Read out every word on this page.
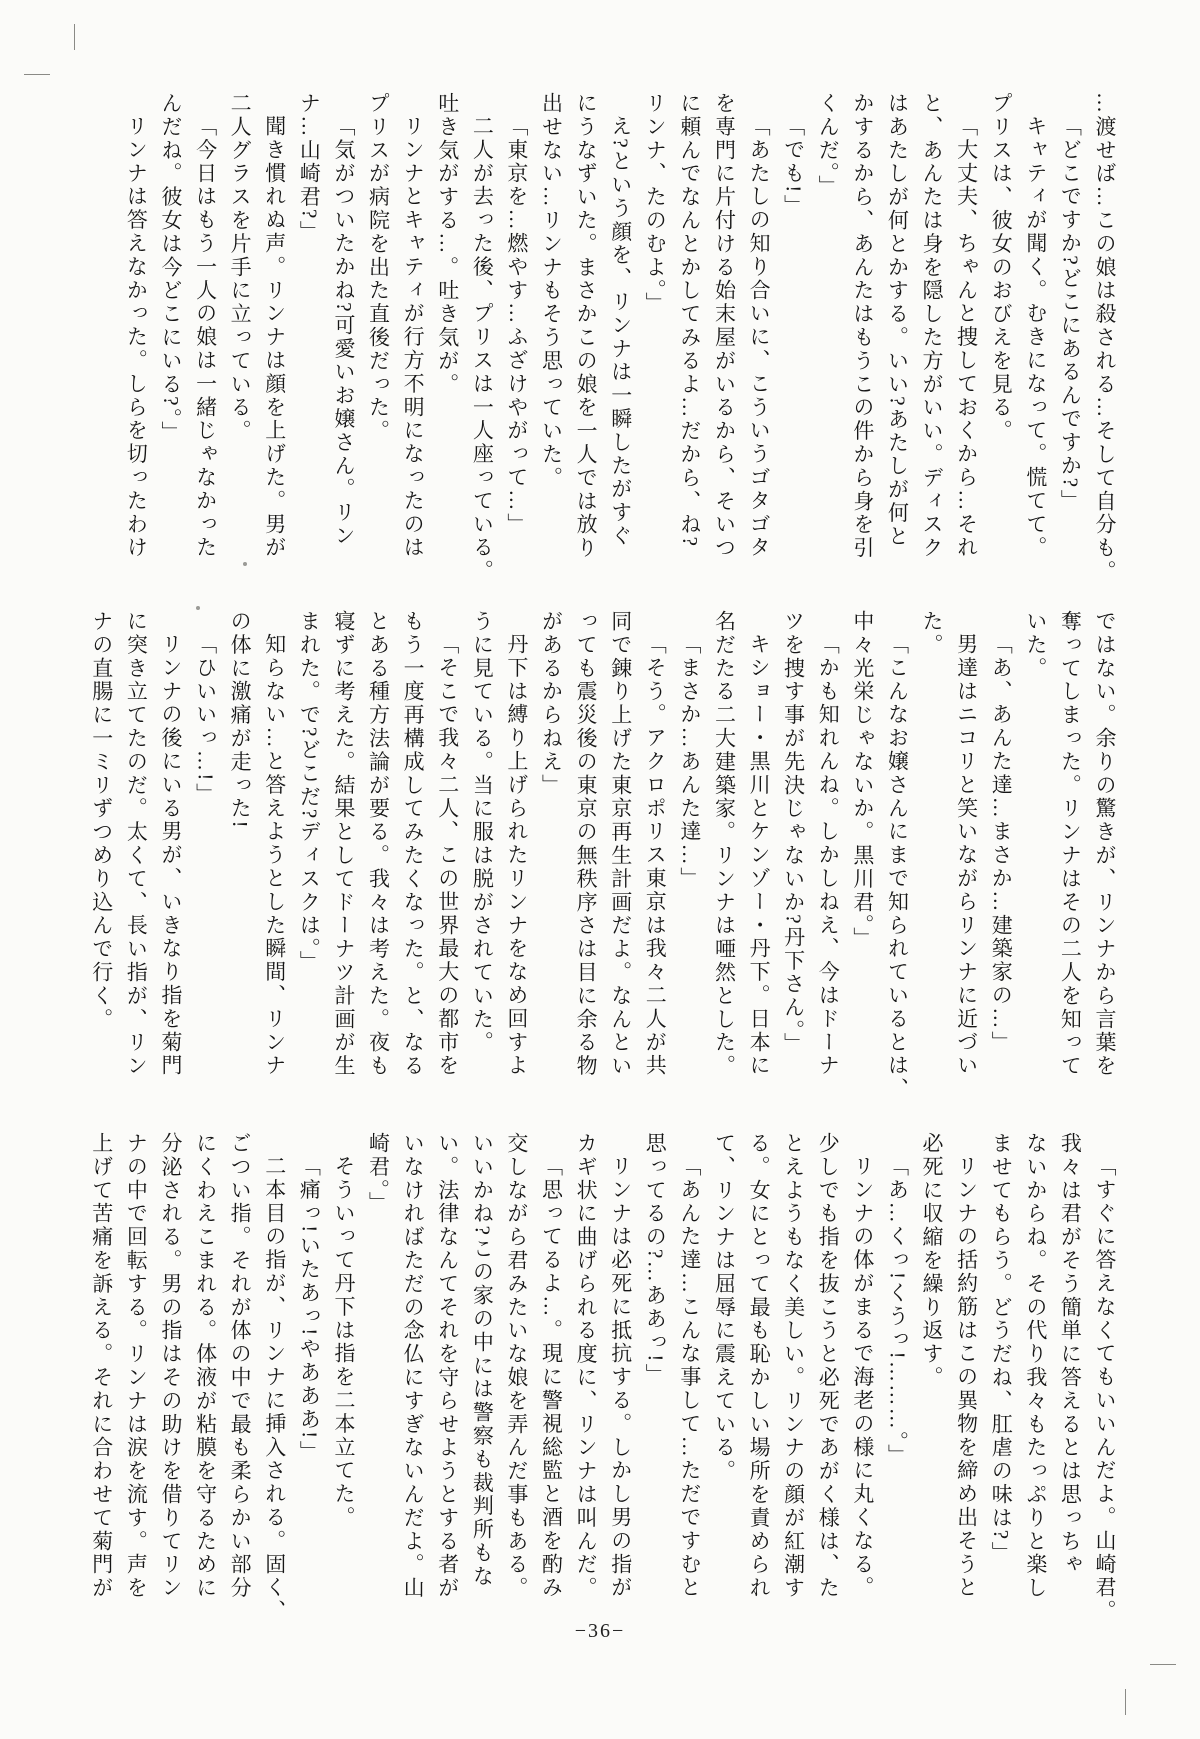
…渡せば…この娘は殺される…そして自分も。
「どこですか?どこにあるんですか?」
キャティが聞く。むきになって。慌てて。
プリスは、彼女のおびえを見る。
「大丈夫、ちゃんと捜しておくから…それ
と、あんたは身を隠した方がいい。ディスク
はあたしが何とかする。いい?あたしが何と
かするから、あんたはもうこの件から身を引
くんだ。」
「でも!」
「あたしの知り合いに、こういうゴタゴタ
を専門に片付ける始末屋がいるから、そいつ
に頼んでなんとかしてみるよ…だから、ね?
リンナ、たのむよ。」
え?という顔を、リンナは一瞬したがすぐ
にうなずいた。まさかこの娘を一人では放り
出せない…リンナもそう思っていた。
「東京を…燃やす…ふざけやがって…」
二人が去った後、プリスは一人座っている。
吐き気がする…。吐き気が。
リンナとキャティが行方不明になったのは
プリスが病院を出た直後だった。
「気がついたかね?可愛いお嬢さん。リン
ナ…山崎君?」
聞き慣れぬ声。リンナは顔を上げた。男が
二人グラスを片手に立っている。
「今日はもう一人の娘は一緒じゃなかった
んだね。彼女は今どこにいる?。」
リンナは答えなかった。しらを切ったわけ
ではない。余りの驚きが、リンナから言葉を
奪ってしまった。リンナはその二人を知って
いた。
「あ、あんた達…まさか…建築家の…」
男達はニコリと笑いながらリンナに近づい
た。
「こんなお嬢さんにまで知られているとは、
中々光栄じゃないか。黒川君。」
「かも知れんね。しかしねえ、今はドーナ
ツを捜す事が先決じゃないか?丹下さん。」
キショー・黒川とケンゾー・丹下。日本に
名だたる二大建築家。リンナは唖然とした。
「まさか…あんた達…」
「そう。アクロポリス東京は我々二人が共
同で錬り上げた東京再生計画だよ。なんとい
っても震災後の東京の無秩序さは目に余る物
があるからねえ」
丹下は縛り上げられたリンナをなめ回すよ
うに見ている。当に服は脱がされていた。
「そこで我々二人、この世界最大の都市を
もう一度再構成してみたくなった。と、なる
とある種方法論が要る。我々は考えた。夜も
寝ずに考えた。結果としてドーナツ計画が生
まれた。で?どこだ?ディスクは。」
知らない…と答えようとした瞬間、リンナ
の体に激痛が走った!
「ひいいっ…!」
リンナの後にいる男が、いきなり指を菊門
に突き立てたのだ。太くて、長い指が、リン
ナの直腸に一ミリずつめり込んで行く。
「すぐに答えなくてもいいんだよ。山崎君。
我々は君がそう簡単に答えるとは思っちゃ
ないからね。その代り我々もたっぷりと楽し
ませてもらう。どうだね、肛虐の味は?」
リンナの括約筋はこの異物を締め出そうと
必死に収縮を繰り返す。
「あ…くっ!くうっ!………。」
リンナの体がまるで海老の様に丸くなる。
少しでも指を抜こうと必死であがく様は、た
とえようもなく美しい。リンナの顔が紅潮す
る。女にとって最も恥かしい場所を責められ
て、リンナは屈辱に震えている。
「あんた達…こんな事して…ただですむと
思ってるの?…ああっ!」
リンナは必死に抵抗する。しかし男の指が
カギ状に曲げられる度に、リンナは叫んだ。
「思ってるよ…。現に警視総監と酒を酌み
交しながら君みたいな娘を弄んだ事もある。
いいかね?この家の中には警察も裁判所もな
い。法律なんてそれを守らせようとする者が
いなければただの念仏にすぎないんだよ。山
崎君。」
そういって丹下は指を二本立てた。
「痛っ!いたあっ!やあああ!」
二本目の指が、リンナに挿入される。固く、
ごつい指。それが体の中で最も柔らかい部分
にくわえこまれる。体液が粘膜を守るために
分泌される。男の指はその助けを借りてリン
ナの中で回転する。リンナは涙を流す。声を
上げて苦痛を訴える。それに合わせて菊門が
−36−
